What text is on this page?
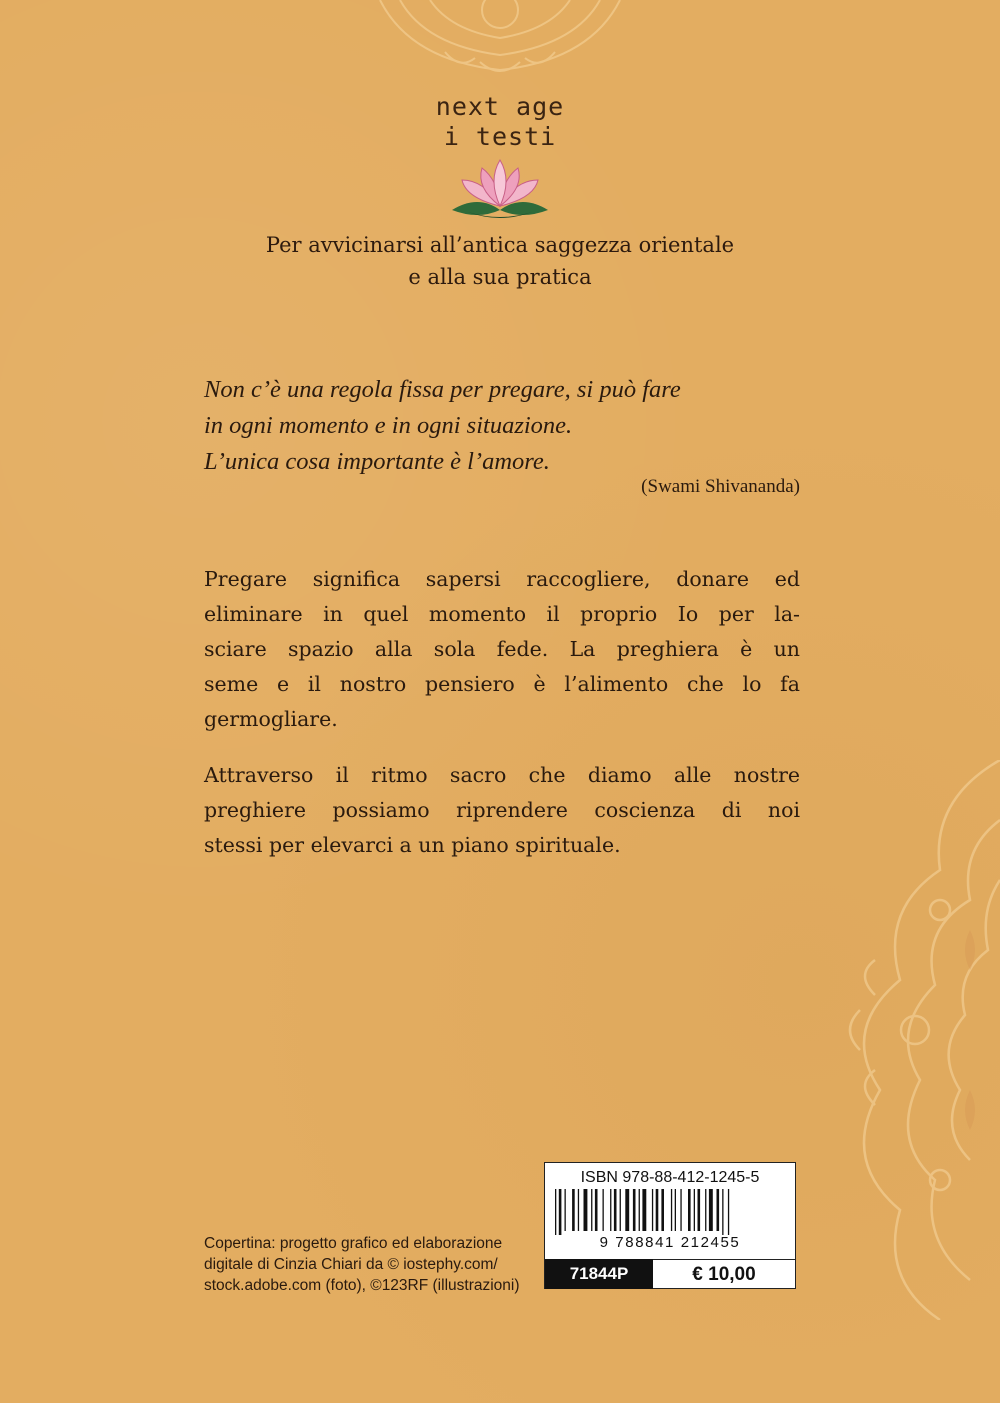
next age
i testi
Per avvicinarsi all’antica saggezza orientale
e alla sua pratica
Non c’è una regola fissa per pregare, si può fare
in ogni momento e in ogni situazione.
L’unica cosa importante è l’amore.
(Swami Shivananda)
Pregare significa sapersi raccogliere, donare ed
eliminare in quel momento il proprio Io per la-
sciare spazio alla sola fede. La preghiera è un
seme e il nostro pensiero è l’alimento che lo fa
germogliare.
Attraverso il ritmo sacro che diamo alle nostre
preghiere possiamo riprendere coscienza di noi
stessi per elevarci a un piano spirituale.
Copertina: progetto grafico ed elaborazione
digitale di Cinzia Chiari da © iostephy.com/
stock.adobe.com (foto), ©123RF (illustrazioni)
ISBN 978-88-412-1245-5
9 788841 212455
71844P	€ 10,00
